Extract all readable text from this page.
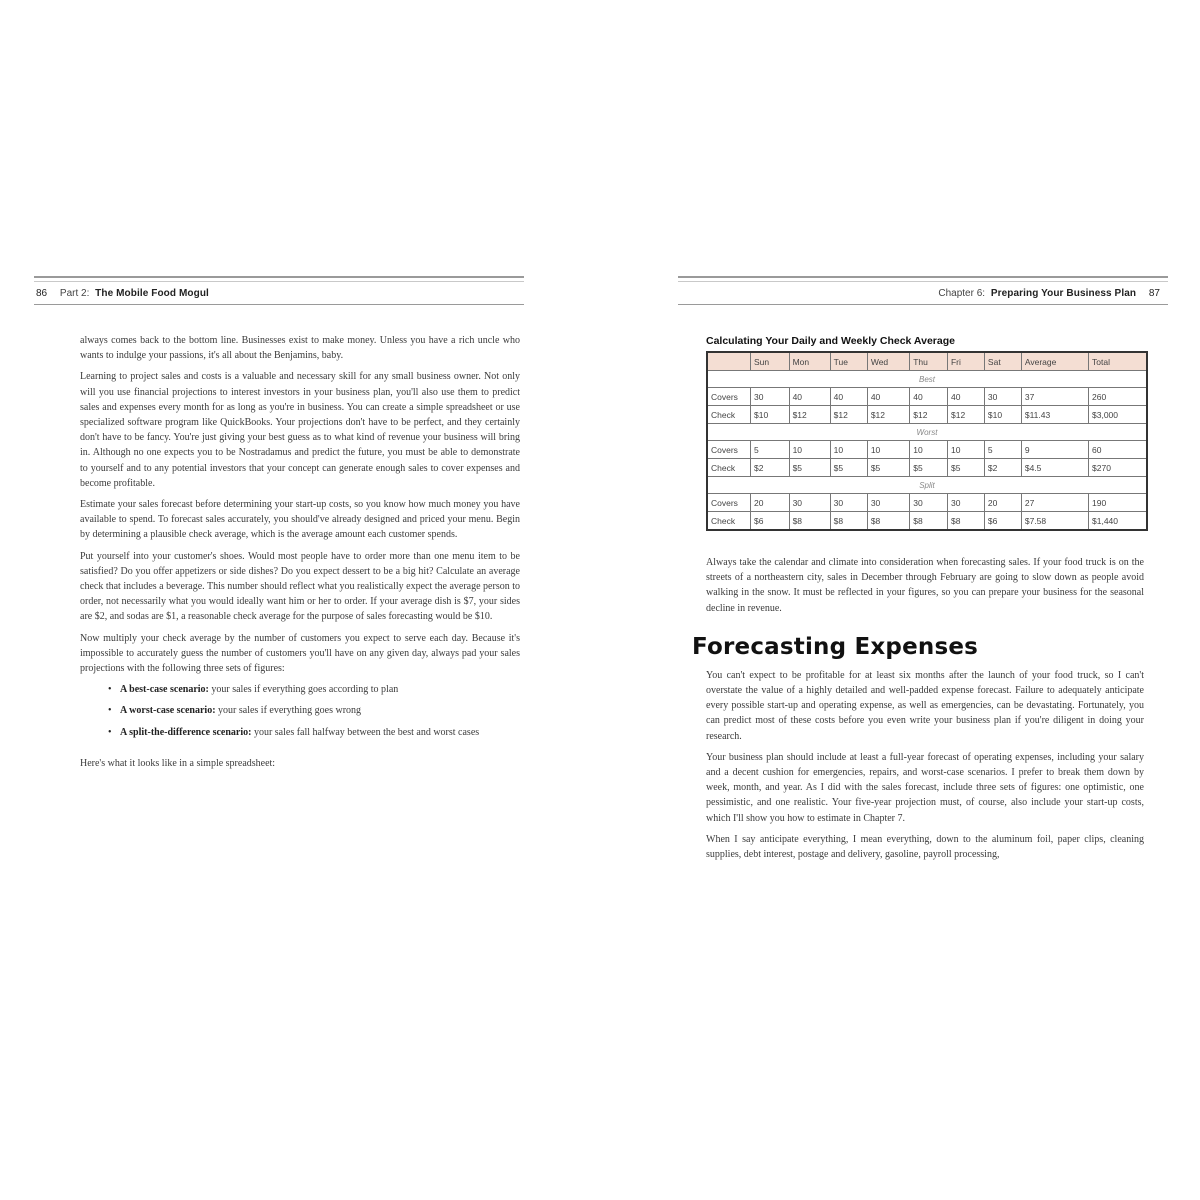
86 Part 2: The Mobile Food Mogul

always comes back to the bottom line. Businesses exist to make money. Unless you have a rich uncle who wants to indulge your passions, it's all about the Benjamins, baby.

Learning to project sales and costs is a valuable and necessary skill for any small business owner. Not only will you use financial projections to interest investors in your business plan, you'll also use them to predict sales and expenses every month for as long as you're in business. You can create a simple spreadsheet or use specialized software program like QuickBooks. Your projections don't have to be perfect, and they certainly don't have to be fancy. You're just giving your best guess as to what kind of revenue your business will bring in. Although no one expects you to be Nostradamus and predict the future, you must be able to demonstrate to yourself and to any potential investors that your concept can generate enough sales to cover expenses and become profitable.

Estimate your sales forecast before determining your start-up costs, so you know how much money you have available to spend. To forecast sales accurately, you should've already designed and priced your menu. Begin by determining a plausible check average, which is the average amount each customer spends.

Put yourself into your customer's shoes. Would most people have to order more than one menu item to be satisfied? Do you offer appetizers or side dishes? Do you expect dessert to be a big hit? Calculate an average check that includes a beverage. This number should reflect what you realistically expect the average person to order, not necessarily what you would ideally want him or her to order. If your average dish is $7, your sides are $2, and sodas are $1, a reasonable check average for the purpose of sales forecasting would be $10.

Now multiply your check average by the number of customers you expect to serve each day. Because it's impossible to accurately guess the number of customers you'll have on any given day, always pad your sales projections with the following three sets of figures:

• A best-case scenario: your sales if everything goes according to plan
• A worst-case scenario: your sales if everything goes wrong
• A split-the-difference scenario: your sales fall halfway between the best and worst cases

Here's what it looks like in a simple spreadsheet:

Chapter 6: Preparing Your Business Plan 87
Calculating Your Daily and Weekly Check Average
	Sun	Mon	Tue	Wed	Thu	Fri	Sat	Average	Total
Best									
Covers	30	40	40	40	40	40	30	37	260
Check	$10	$12	$12	$12	$12	$12	$10	$11.43	$3,000
Worst									
Covers	5	10	10	10	10	10	5	9	60
Check	$2	$5	$5	$5	$5	$5	$2	$4.5	$270
Split									
Covers	20	30	30	30	30	30	20	27	190
Check	$6	$8	$8	$8	$8	$8	$6	$7.58	$1,440

Always take the calendar and climate into consideration when forecasting sales. If your food truck is on the streets of a northeastern city, sales in December through February are going to slow down as people avoid walking in the snow. It must be reflected in your figures, so you can prepare your business for the seasonal decline in revenue.

Forecasting Expenses

You can't expect to be profitable for at least six months after the launch of your food truck, so I can't overstate the value of a highly detailed and well-padded expense forecast. Failure to adequately anticipate every possible start-up and operating expense, as well as emergencies, can be devastating. Fortunately, you can predict most of these costs before you even write your business plan if you're diligent in doing your research.

Your business plan should include at least a full-year forecast of operating expenses, including your salary and a decent cushion for emergencies, repairs, and worst-case scenarios. I prefer to break them down by week, month, and year. As I did with the sales forecast, include three sets of figures: one optimistic, one pessimistic, and one realistic. Your five-year projection must, of course, also include your start-up costs, which I'll show you how to estimate in Chapter 7.

When I say anticipate everything, I mean everything, down to the aluminum foil, paper clips, cleaning supplies, debt interest, postage and delivery, gasoline, payroll processing,
